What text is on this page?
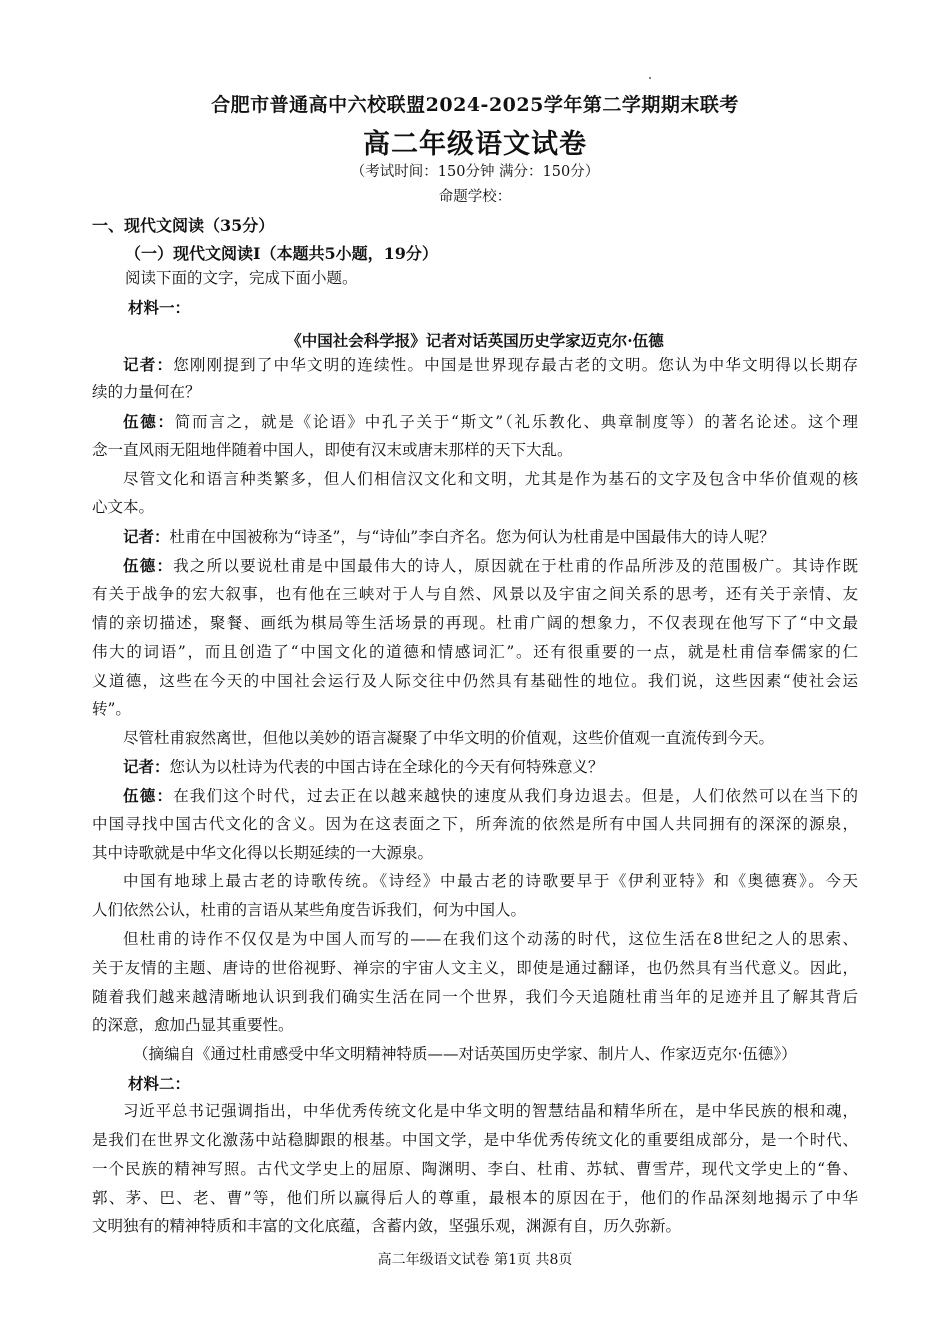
合肥市普通高中六校联盟2024-2025学年第二学期期末联考
高二年级语文试卷
（考试时间：150分钟 满分：150分）
命题学校：
一、现代文阅读（35分）
（一）现代文阅读Ⅰ（本题共5小题，19分）
阅读下面的文字，完成下面小题。
材料一：
《中国社会科学报》记者对话英国历史学家迈克尔·伍德
记者：您刚刚提到了中华文明的连续性。中国是世界现存最古老的文明。您认为中华文明得以长期存
续的力量何在？
伍德：简而言之，就是《论语》中孔子关于“斯文”（礼乐教化、典章制度等）的著名论述。这个理
念一直风雨无阻地伴随着中国人，即使有汉末或唐末那样的天下大乱。
尽管文化和语言种类繁多，但人们相信汉文化和文明，尤其是作为基石的文字及包含中华价值观的核
心文本。
记者：杜甫在中国被称为“诗圣”，与“诗仙”李白齐名。您为何认为杜甫是中国最伟大的诗人呢？
伍德：我之所以要说杜甫是中国最伟大的诗人，原因就在于杜甫的作品所涉及的范围极广。其诗作既
有关于战争的宏大叙事，也有他在三峡对于人与自然、风景以及宇宙之间关系的思考，还有关于亲情、友
情的亲切描述，聚餐、画纸为棋局等生活场景的再现。杜甫广阔的想象力，不仅表现在他写下了“中文最
伟大的词语”，而且创造了“中国文化的道德和情感词汇”。还有很重要的一点，就是杜甫信奉儒家的仁
义道德，这些在今天的中国社会运行及人际交往中仍然具有基础性的地位。我们说，这些因素“使社会运
转”。
尽管杜甫寂然离世，但他以美妙的语言凝聚了中华文明的价值观，这些价值观一直流传到今天。
记者：您认为以杜诗为代表的中国古诗在全球化的今天有何特殊意义？
伍德：在我们这个时代，过去正在以越来越快的速度从我们身边退去。但是，人们依然可以在当下的
中国寻找中国古代文化的含义。因为在这表面之下，所奔流的依然是所有中国人共同拥有的深深的源泉，
其中诗歌就是中华文化得以长期延续的一大源泉。
中国有地球上最古老的诗歌传统。《诗经》中最古老的诗歌要早于《伊利亚特》和《奥德赛》。今天
人们依然公认，杜甫的言语从某些角度告诉我们，何为中国人。
但杜甫的诗作不仅仅是为中国人而写的——在我们这个动荡的时代，这位生活在8世纪之人的思索、
关于友情的主题、唐诗的世俗视野、禅宗的宇宙人文主义，即使是通过翻译，也仍然具有当代意义。因此，
随着我们越来越清晰地认识到我们确实生活在同一个世界，我们今天追随杜甫当年的足迹并且了解其背后
的深意，愈加凸显其重要性。
（摘编自《通过杜甫感受中华文明精神特质——对话英国历史学家、制片人、作家迈克尔·伍德》）
材料二：
习近平总书记强调指出，中华优秀传统文化是中华文明的智慧结晶和精华所在，是中华民族的根和魂，
是我们在世界文化激荡中站稳脚跟的根基。中国文学，是中华优秀传统文化的重要组成部分，是一个时代、
一个民族的精神写照。古代文学史上的屈原、陶渊明、李白、杜甫、苏轼、曹雪芹，现代文学史上的“鲁、
郭、茅、巴、老、曹”等，他们所以赢得后人的尊重，最根本的原因在于，他们的作品深刻地揭示了中华
文明独有的精神特质和丰富的文化底蕴，含蓄内敛，坚强乐观，渊源有自，历久弥新。
高二年级语文试卷 第1页 共8页
